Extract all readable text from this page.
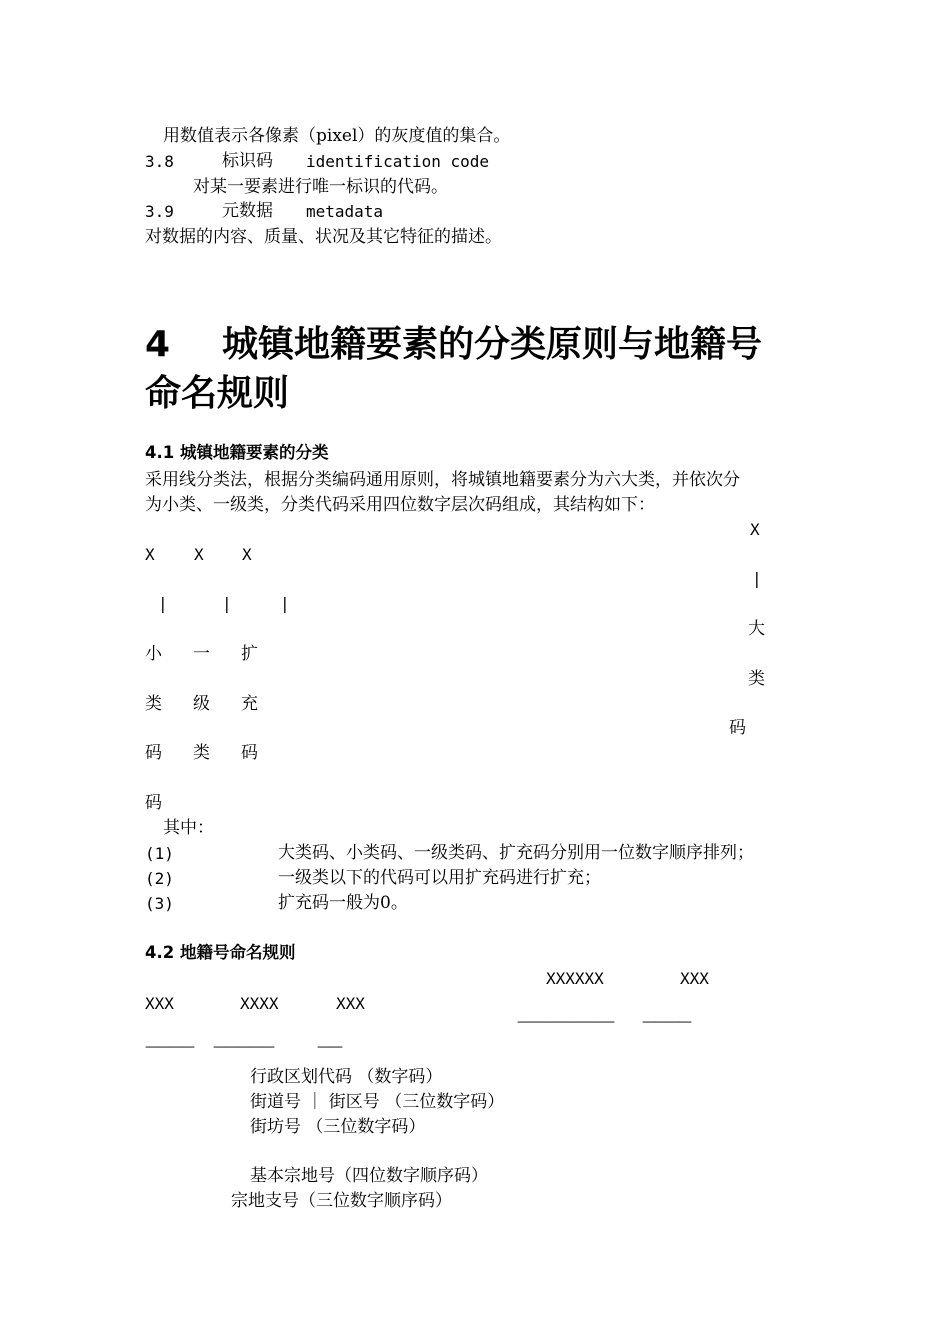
用数值表示各像素（pixel）的灰度值的集合。
3.8	标识码 identification code
对某一要素进行唯一标识的代码。
3.9	元数据 metadata
对数据的内容、质量、状况及其它特征的描述。
4 城镇地籍要素的分类原则与地籍号
命名规则
4.1 城镇地籍要素的分类
采用线分类法，根据分类编码通用原则，将城镇地籍要素分为六大类，并依次分
为小类、一级类，分类代码采用四位数字层次码组成，其结构如下：
X
X X X
|
|	|	|
大
小 一 扩
类
类 级 充
码
码 类 码
码
其中：
(1)	大类码、小类码、一级类码、扩充码分别用一位数字顺序排列；
(2)	一级类以下的代码可以用扩充码进行扩充；
(3)	扩充码一般为0。
4.2 地籍号命名规则
XXXXXX	XXX
XXX	XXXX	XXX
———————— ————
———— —————	——
行政区划代码 （数字码）
街道号 ｜ 街区号 （三位数字码）
街坊号 （三位数字码）
基本宗地号（四位数字顺序码）
宗地支号（三位数字顺序码）
